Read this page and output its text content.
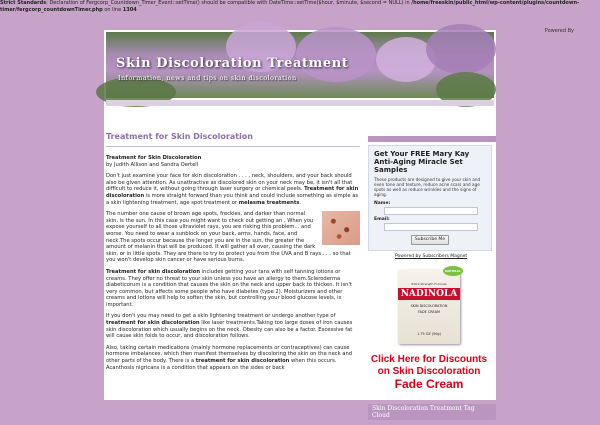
Strict Standards: Declaration of Fergcorp_Countdown_Timer_Event::setTime() should be compatible with DateTime::setTime($hour, $minute, $second = NULL) in /home/freeskin/public_html/wp-content/plugins/countdown-timer/fergcorp_countdownTimer.php on line 1304
Powered By
Skin Discoloration Treatment
Information, news and tips on skin discoloration
Treatment for Skin Discoloration

Treatment for Skin Discoloration
by Judith Allison and Sandra Oertell

Don't just examine your face for skin discoloration . . . , neck, shoulders, and your back should also be given attention. As unattractive as discolored skin on your neck may be, it isn't all that difficult to reduce it, without going through laser surgery or chemical peels. Treatment for skin discoloration is more straight forward than you think and could include something as simple as a skin lightening treatment, age spot treatment or melasma treatments.

The number one cause of brown age spots, freckles, and darker than normal skin, is the sun. In this case you might want to check out getting an . When you expose yourself to all those ultraviolet rays, you are risking this problem... and worse. You need to wear a sunblock on your back, arms, hands, face, and neck.The spots occur because the longer you are in the sun, the greater the amount of melanin that will be produced. It will gather all over, causing the dark skin, or in little spots. They are there to try to protect you from the UVA and B rays . . . so that you won't develop skin cancer or have serious burns.

Treatment for skin discoloration includes getting your tans with self tanning lotions or creams. They offer no threat to your skin unless you have an allergy to them.Scleroderma diabeticorum is a condition that causes the skin on the neck and upper back to thicken. It isn't very common, but affects some people who have diabetes (type 2). Moisturizers and other creams and lotions will help to soften the skin, but controlling your blood glucose levels, is important.

If you don't you may need to get a skin lightening treatment or undergo another type of treatment for skin discoloration like laser treatments.Taking too large doses of iron causes skin discoloration which usually begins on the neck. Obesity can also be a factor. Excessive fat will cause skin folds to occur, and discoloration follows.

Also, taking certain medications (mainly hormone replacements or contraceptives) can cause hormone imbalances, which then manifest themselves by discoloring the skin on the neck and other parts of the body. There is a treatment for skin discoloration when this occurs. Acanthosis nigricans is a condition that appears on the sides or back

Get Your FREE Mary Kay Anti-Aging Miracle Set Samples
These products are designed to give your skin and even tone and texture, reduce acne scars and age spots as well as reduce wrinkles and the signs of aging.
Name:
Email:
Subscribe Me
Powered by Subscribers Magnet
NATURAL
Extra Strength Formula
NADINOLA
SKIN DISCOLORATION
FADE CREAM
1.75 OZ (50g)
Click Here for Discounts
on Skin Discoloration
Fade Cream
Skin Discoloration Treatment Tag Cloud
Sisters Cure Stretch Concealer Where Makeup Natural Face
